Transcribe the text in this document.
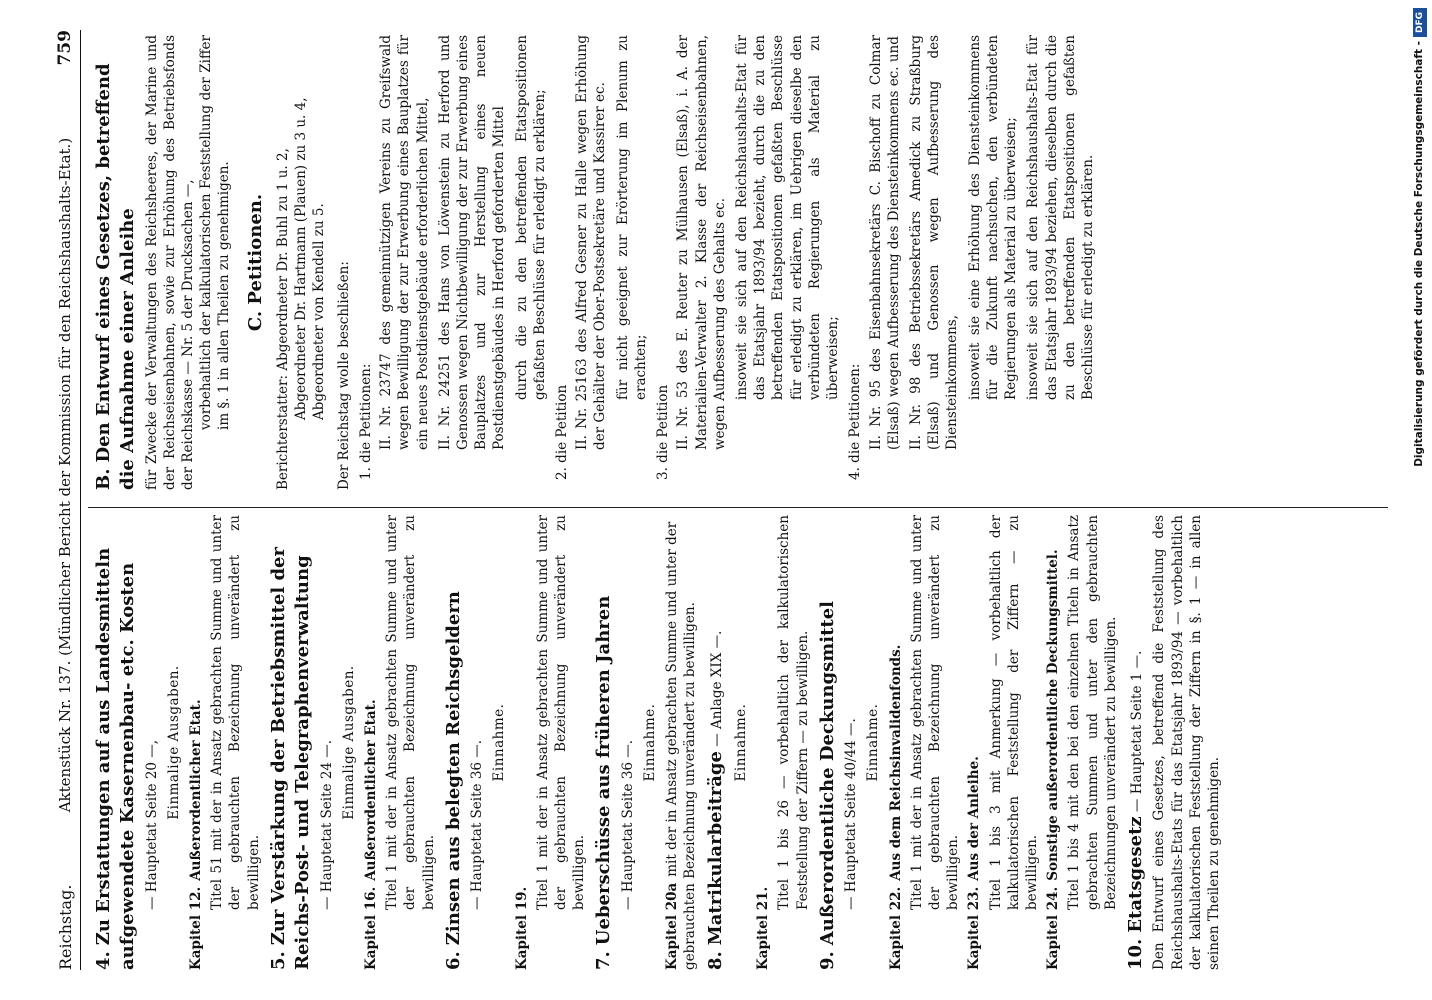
Reichstag.
Aktenstück Nr. 137. (Mündlicher Bericht der Kommission für den Reichshaushalts-Etat.)
759
4.Zu Erstattungen auf aus Landesmitteln aufgewendete Kasernenbau- etc. Kosten — Hauptetat Seite 20 —, Einmalige Ausgaben.
Kapitel 12.Außerordentlicher Etat. Titel 51 mit der in Ansatz gebrachten Summe und unter der gebrauchten Bezeichnung unverändert zu bewilligen.
5.Zur Verstärkung der Betriebsmittel der Reichs-Post- und Telegraphenverwaltung — Hauptetat Seite 24 —. Einmalige Ausgaben.
Kapitel 16.Außerordentlicher Etat. Titel 1 mit der in Ansatz gebrachten Summe und unter der gebrauchten Bezeichnung unverändert zu bewilligen.
6.Zinsen aus belegten Reichsgeldern — Hauptetat Seite 36 —. Einnahme.
Kapitel 19.
Titel 1 mit der in Ansatz gebrachten Summe und unter der gebrauchten Bezeichnung unverändert zu bewilligen.
7.Ueberschüsse aus früheren Jahren — Hauptetat Seite 36 —. Einnahme.
Kapitel 20amit der in Ansatz gebrachten Summe und unter der gebrauchten Bezeichnung unverändert zu bewilligen. 8.Matrikularbeiträge — Anlage XIX —. Einnahme.
Kapitel 21.
Titel 1 bis 26 — vorbehaltlich der kalkulatorischen Feststellung der Ziffern — zu bewilligen.
9.Außerordentliche Deckungsmittel — Hauptetat Seite 40/44 —. Einnahme.
Kapitel 22.Aus dem Reichsinvalidenfonds. Titel 1 mit der in Ansatz gebrachten Summe und unter der gebrauchten Bezeichnung unverändert zu bewilligen.
Kapitel 23.Aus der Anleihe. Titel 1 bis 3 mit Anmerkung — vorbehaltlich der kalkulatorischen Feststellung der Ziffern — zu bewilligen.
Kapitel 24.Sonstige außerordentliche Deckungsmittel. Titel 1 bis 4 mit den bei den einzelnen Titeln in Ansatz gebrachten Summen und unter den gebrauchten Bezeichnungen unverändert zu bewilligen.
10.Etatsgesetz — Hauptetat Seite 1 —. Den Entwurf eines Gesetzes, betreffend die Feststellung des Reichshaushalts-Etats für das Etatsjahr 1893/94 — vorbehaltlich der kalkulatorischen Feststellung der Ziffern in §. 1 — in allen seinen Theilen zu genehmigen.
B.Den Entwurf eines Gesetzes, betreffend die Aufnahme einer Anleihe für Zwecke der Verwaltungen des Reichsheeres, der Marine und der Reichseisenbahnen, sowie zur Erhöhung des Betriebsfonds der Reichskasse — Nr. 5 der Drucksachen —, vorbehaltlich der kalkulatorischen Feststellung der Ziffer im §. 1 in allen Theilen zu genehmigen. C. Petitionen.
Berichterstatter: Abgeordneter Dr. Buhl zu 1 u. 2, Abgeordneter Dr. Hartmann (Plauen) zu 3 u. 4, Abgeordneter von Kendell zu 5. Der Reichstag wolle beschließen: 1. die Petitionen: II. Nr. 23747 des gemeinnützigen Vereins zu Greifswald wegen Bewilligung der zur Erwerbung eines Bauplatzes für ein neues Postdienstgebäude erforderlichen Mittel, II. Nr. 24251 des Hans von Löwenstein zu Herford und Genossen wegen Nichtbewilligung der zur Erwerbung eines Bauplatzes und zur Herstellung eines neuen Postdienstgebäudes in Herford geforderten Mittel durch die zu den betreffenden Etatspositionen gefaßten Beschlüsse für erledigt zu erklären;
2. die Petition II. Nr. 25163 des Alfred Gesner zu Halle wegen Erhöhung der Gehälter der Ober-Postsekretäre und Kassirer ec. für nicht geeignet zur Erörterung im Plenum zu erachten;
3. die Petition II. Nr. 53 des E. Reuter zu Mülhausen (Elsaß), i. A. der Materialien-Verwalter 2. Klasse der Reichseisenbahnen, wegen Aufbesserung des Gehalts ec. insoweit sie sich auf den Reichshaushalts-Etat für das Etatsjahr 1893/94 bezieht, durch die zu den betreffenden Etatspositionen gefaßten Beschlüsse für erledigt zu erklären, im Uebrigen dieselbe den verbündeten Regierungen als Material zu überweisen;
4. die Petitionen: II. Nr. 95 des Eisenbahnsekretärs C. Bischoff zu Colmar (Elsaß) wegen Aufbesserung des Diensteinkommens ec. und II. Nr. 98 des Betriebssekretärs Amedick zu Straßburg (Elsaß) und Genossen wegen Aufbesserung des Diensteinkommens, insoweit sie eine Erhöhung des Diensteinkommens für die Zukunft nachsuchen, den verbündeten Regierungen als Material zu überweisen; insoweit sie sich auf den Reichshaushalts-Etat für das Etatsjahr 1893/94 beziehen, dieselben durch die zu den betreffenden Etatspositionen gefaßten Beschlüsse für erledigt zu erklären.	Digitalisierung gefördert durch die Deutsche Forschungsgemeinschaft -DFG
